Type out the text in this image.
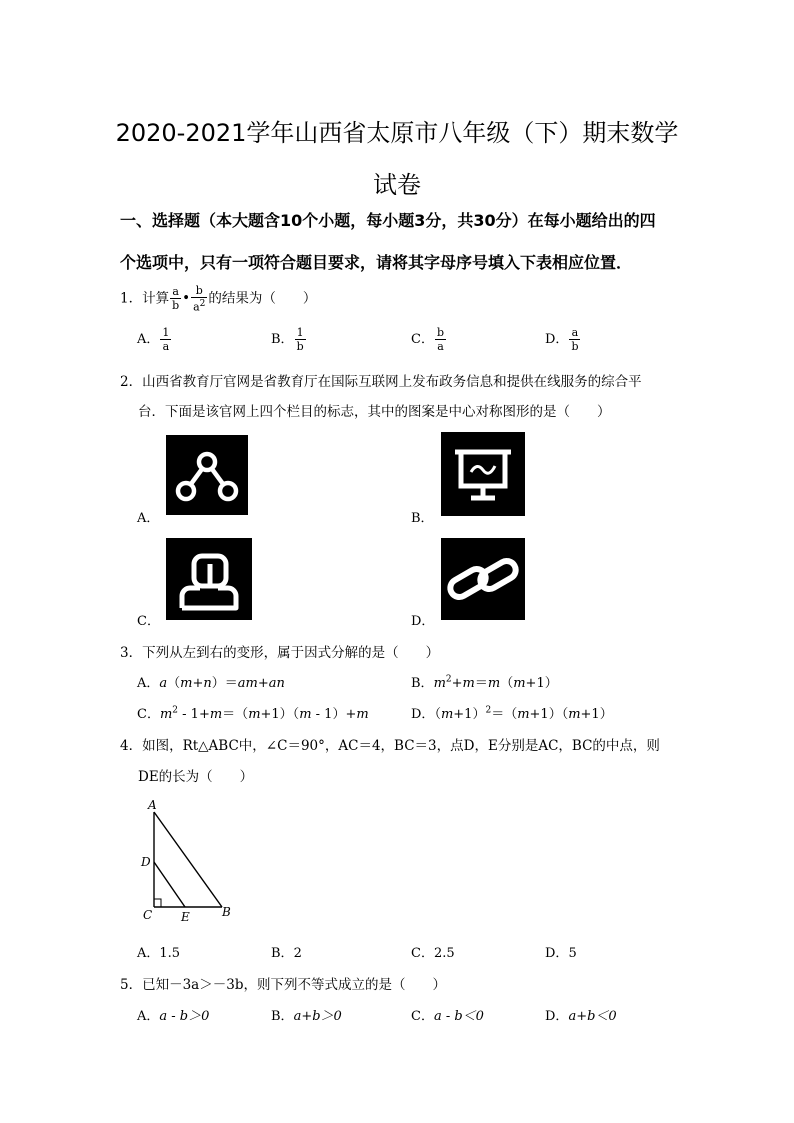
2020-2021学年山西省太原市八年级（下）期末数学
试卷
一、选择题（本大题含10个小题，每小题3分，共30分）在每小题给出的四
个选项中，只有一项符合题目要求，请将其字母序号填入下表相应位置．
1．计算 $\frac{a}{b}$ • $\frac{b}{a^2}$ 的结果为（　　）
A． $\frac{1}{a}$	B． $\frac{1}{b}$	C． $\frac{b}{a}$	D． $\frac{a}{b}$
2．山西省教育厅官网是省教育厅在国际互联网上发布政务信息和提供在线服务的综合平
台．下面是该官网上四个栏目的标志，其中的图案是中心对称图形的是（　　）
A．	B．
C．	D．
3．下列从左到右的变形，属于因式分解的是（　　）
A．a（m+n）＝am+an	B．$m^2+m=m(m+1)$
C．$m^2 - 1+m=(m+1)(m - 1)+m$	D．$(m+1)^2=(m+1)(m+1)$
4．如图，Rt△ABC中，∠C＝90°，AC＝4，BC＝3，点D，E分别是AC，BC的中点，则
DE的长为（　　）
A
D
C E	B
A．1.5	B．2	C．2.5	D．5
5．已知－3a＞－3b，则下列不等式成立的是（　　）
A．a - b＞0	B．a+b＞0	C．a - b＜0	D．a+b＜0
